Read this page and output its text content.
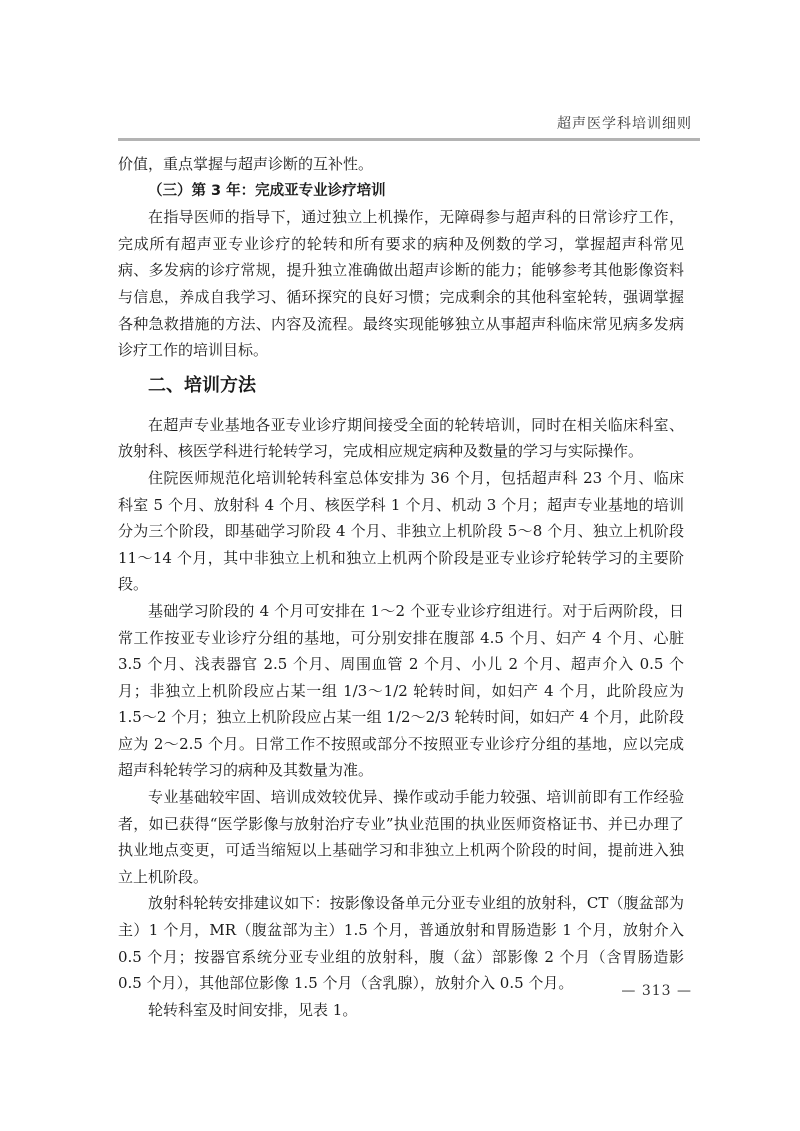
超声医学科培训细则

价值，重点掌握与超声诊断的互补性。

（三）第 3 年：完成亚专业诊疗培训

在指导医师的指导下，通过独立上机操作，无障碍参与超声科的日常诊疗工作，完成所有超声亚专业诊疗的轮转和所有要求的病种及例数的学习，掌握超声科常见病、多发病的诊疗常规，提升独立准确做出超声诊断的能力；能够参考其他影像资料与信息，养成自我学习、循环探究的良好习惯；完成剩余的其他科室轮转，强调掌握各种急救措施的方法、内容及流程。最终实现能够独立从事超声科临床常见病多发病诊疗工作的培训目标。

二、培训方法

在超声专业基地各亚专业诊疗期间接受全面的轮转培训，同时在相关临床科室、放射科、核医学科进行轮转学习，完成相应规定病种及数量的学习与实际操作。

住院医师规范化培训轮转科室总体安排为 36 个月，包括超声科 23 个月、临床科室 5 个月、放射科 4 个月、核医学科 1 个月、机动 3 个月；超声专业基地的培训分为三个阶段，即基础学习阶段 4 个月、非独立上机阶段 5～8 个月、独立上机阶段 11～14 个月，其中非独立上机和独立上机两个阶段是亚专业诊疗轮转学习的主要阶段。

基础学习阶段的 4 个月可安排在 1～2 个亚专业诊疗组进行。对于后两阶段，日常工作按亚专业诊疗分组的基地，可分别安排在腹部 4.5 个月、妇产 4 个月、心脏 3.5 个月、浅表器官 2.5 个月、周围血管 2 个月、小儿 2 个月、超声介入 0.5 个月；非独立上机阶段应占某一组 1/3～1/2 轮转时间，如妇产 4 个月，此阶段应为 1.5～2 个月；独立上机阶段应占某一组 1/2～2/3 轮转时间，如妇产 4 个月，此阶段应为 2～2.5 个月。日常工作不按照或部分不按照亚专业诊疗分组的基地，应以完成超声科轮转学习的病种及其数量为准。

专业基础较牢固、培训成效较优异、操作或动手能力较强、培训前即有工作经验者，如已获得“医学影像与放射治疗专业”执业范围的执业医师资格证书、并已办理了执业地点变更，可适当缩短以上基础学习和非独立上机两个阶段的时间，提前进入独立上机阶段。

放射科轮转安排建议如下：按影像设备单元分亚专业组的放射科，CT（腹盆部为主）1 个月，MR（腹盆部为主）1.5 个月，普通放射和胃肠造影 1 个月，放射介入 0.5 个月；按器官系统分亚专业组的放射科，腹（盆）部影像 2 个月（含胃肠造影 0.5 个月），其他部位影像 1.5 个月（含乳腺），放射介入 0.5 个月。

轮转科室及时间安排，见表 1。

— 313 —
